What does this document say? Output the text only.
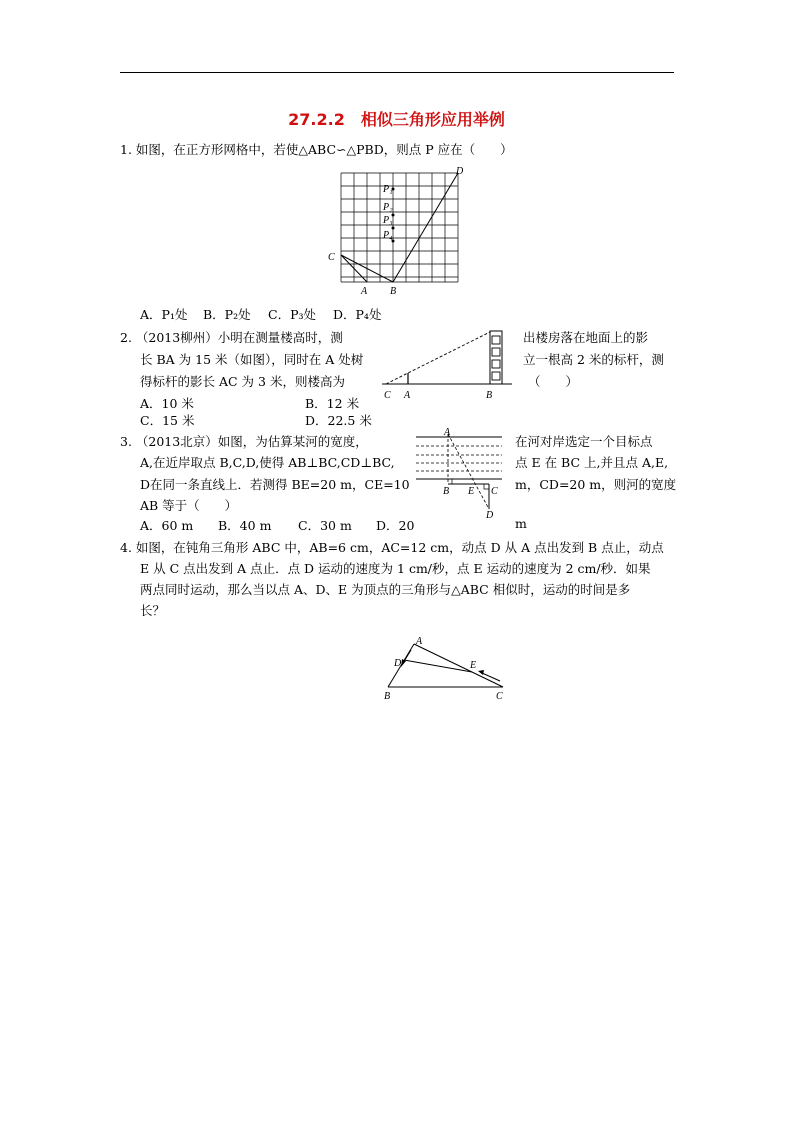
27.2.2　相似三角形应用举例
1. 如图，在正方形网格中，若使△ABC∽△PBD，则点 P 应在（　　）
D
P₁
P₂
P₃
P₄
C
A B
A．P₁处 B．P₂处 C．P₃处 D．P₄处
2. （2013柳州）小明在测量楼高时，测	出楼房落在地面上的影
长 BA 为 15 米（如图），同时在 A 处树	立一根高 2 米的标杆，测
得标杆的影长 AC 为 3 米，则楼高为	（　　）
C A	B
A．10 米	B．12 米
C．15 米	D．22.5 米
3. （2013北京）如图，为估算某河的宽度，	在河对岸选定一个目标点
A,在近岸取点 B,C,D,使得 AB⊥BC,CD⊥BC,	点 E 在 BC 上,并且点 A,E,
D在同一条直线上．若测得 BE=20 m，CE=10	m，CD=20 m，则河的宽度
AB 等于（　　）
A
B E C
D
A．60 m B．40 m C．30 m D．20	m
4. 如图，在钝角三角形 ABC 中，AB=6 cm，AC=12 cm，动点 D 从 A 点出发到 B 点止，动点
E 从 C 点出发到 A 点止．点 D 运动的速度为 1 cm/秒，点 E 运动的速度为 2 cm/秒．如果
两点同时运动，那么当以点 A、D、E 为顶点的三角形与△ABC 相似时，运动的时间是多
长？
A
D	E
B	C
